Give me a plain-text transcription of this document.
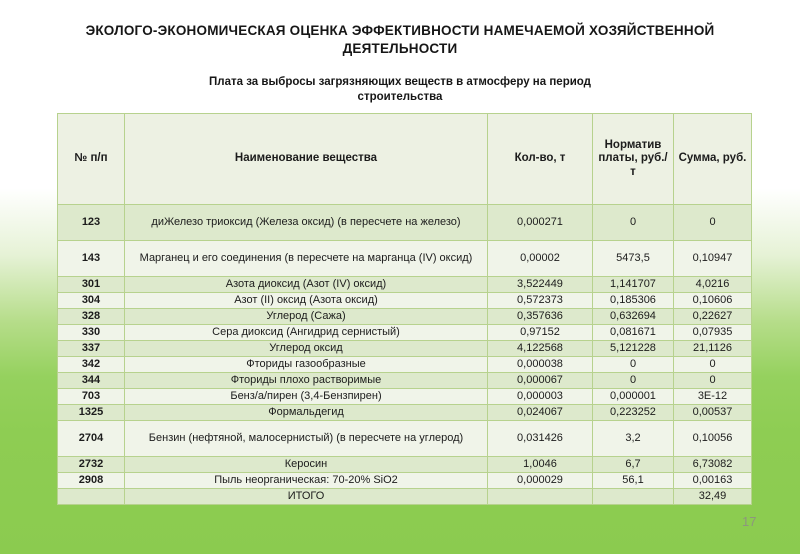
ЭКОЛОГО-ЭКОНОМИЧЕСКАЯ ОЦЕНКА ЭФФЕКТИВНОСТИ НАМЕЧАЕМОЙ ХОЗЯЙСТВЕННОЙ ДЕЯТЕЛЬНОСТИ
Плата за выбросы загрязняющих веществ в атмосферу на период строительства
№ п/п	Наименование вещества	Кол-во, т	Норматив платы, руб./т	Сумма, руб.
123	диЖелезо триоксид (Железа оксид) (в пересчете на железо)	0,000271	0	0
143	Марганец и его соединения (в пересчете на марганца (IV) оксид)	0,00002	5473,5	0,10947
301	Азота диоксид (Азот (IV) оксид)	3,522449	1,141707	4,0216
304	Азот (II) оксид (Азота оксид)	0,572373	0,185306	0,10606
328	Углерод (Сажа)	0,357636	0,632694	0,22627
330	Сера диоксид (Ангидрид сернистый)	0,97152	0,081671	0,07935
337	Углерод оксид	4,122568	5,121228	21,1126
342	Фториды газообразные	0,000038	0	0
344	Фториды плохо растворимые	0,000067	0	0
703	Бенз/а/пирен (3,4-Бензпирен)	0,000003	0,000001	3E-12
1325	Формальдегид	0,024067	0,223252	0,00537
2704	Бензин (нефтяной, малосернистый) (в пересчете на углерод)	0,031426	3,2	0,10056
2732	Керосин	1,0046	6,7	6,73082
2908	Пыль неорганическая: 70-20% SiO2	0,000029	56,1	0,00163
	ИТОГО			32,49
17
